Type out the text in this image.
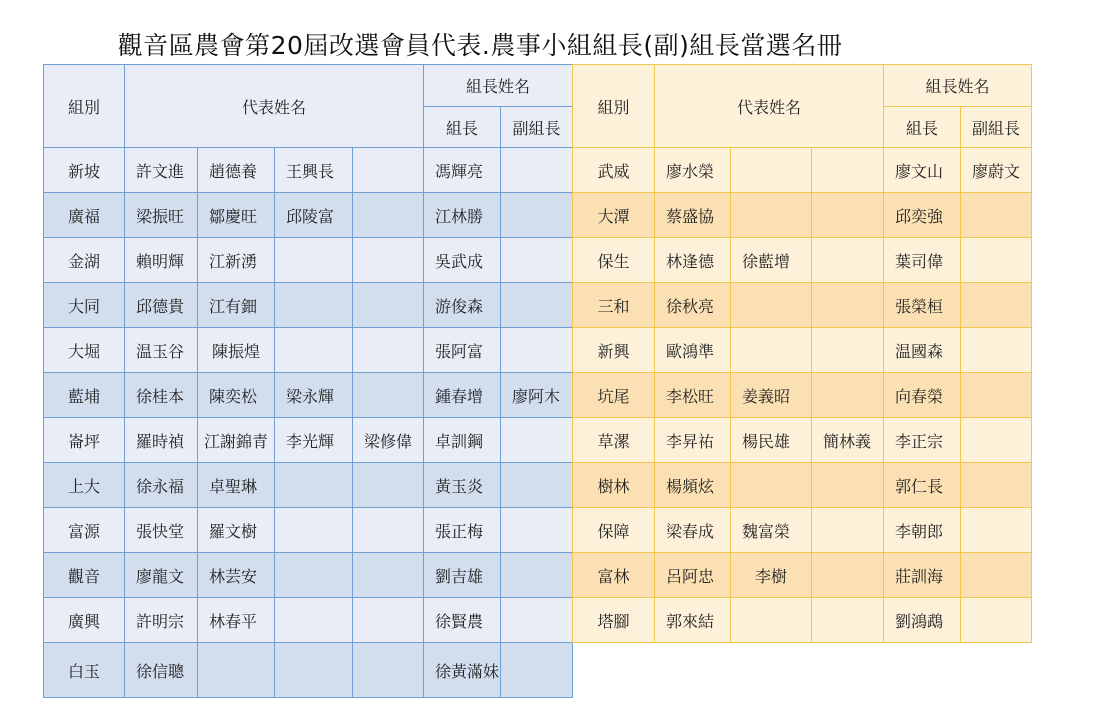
觀音區農會第20屆改選會員代表.農事小組組長(副)組長當選名冊
組別	代表姓名				組長姓名	
					組長	副組長
新坡	許文進	趙德養	王興長		馮輝亮	
廣福	梁振旺	鄒慶旺	邱陵富		江林勝	
金湖	賴明輝	江新湧			吳武成	
大同	邱德貴	江有鈿			游俊森	
大堀	温玉谷	陳振煌			張阿富	
藍埔	徐桂本	陳奕松	梁永輝		鍾春增	廖阿木
崙坪	羅時禎	江謝錦青	李光輝	梁修偉	卓訓鋼	
上大	徐永福	卓聖琳			黃玉炎	
富源	張快堂	羅文樹			張正梅	
觀音	廖龍文	林芸安			劉吉雄	
廣興	許明宗	林春平			徐賢農	
白玉	徐信聰				徐黃滿妹	
組別	代表姓名			組長姓名	
				組長	副組長
武威	廖水榮			廖文山	廖蔚文
大潭	蔡盛協			邱奕強	
保生	林逢德	徐藍增		葉司偉	
三和	徐秋亮			張榮桓	
新興	歐鴻準			温國森	
坑尾	李松旺	姜義昭		向春榮	
草漯	李昇祐	楊民雄	簡林義	李正宗	
樹林	楊頻炫			郭仁長	
保障	梁春成	魏富榮		李朝郎	
富林	呂阿忠	李樹		莊訓海	
塔腳	郭來結			劉鴻鵡	
